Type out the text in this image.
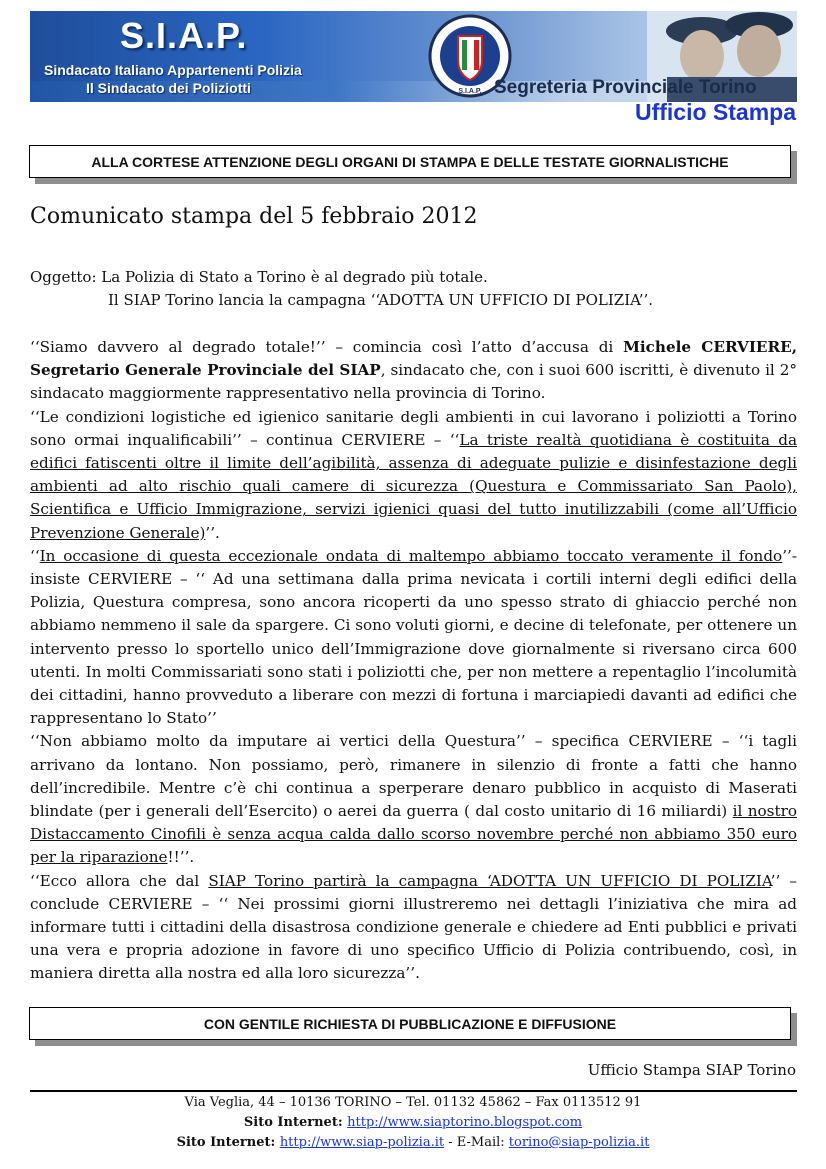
S.I.A.P.
Sindacato Italiano Appartenenti Polizia
Il Sindacato dei Poliziotti	S.I.A.P. Segreteria Provinciale Torino
Ufficio Stampa
ALLA CORTESE ATTENZIONE DEGLI ORGANI DI STAMPA E DELLE TESTATE GIORNALISTICHE
Comunicato stampa del 5 febbraio 2012
Oggetto: La Polizia di Stato a Torino è al degrado più totale.
Il SIAP Torino lancia la campagna ‘‘ADOTTA UN UFFICIO DI POLIZIA’’.

‘‘Siamo davvero al degrado totale!’’ – comincia così l’atto d’accusa di Michele CERVIERE, Segretario Generale Provinciale del SIAP, sindacato che, con i suoi 600 iscritti, è divenuto il 2° sindacato maggiormente rappresentativo nella provincia di Torino.

‘‘Le condizioni logistiche ed igienico sanitarie degli ambienti in cui lavorano i poliziotti a Torino sono ormai inqualificabili’’ – continua CERVIERE – ‘‘La triste realtà quotidiana è costituita da edifici fatiscenti oltre il limite dell’agibilità, assenza di adeguate pulizie e disinfestazione degli ambienti ad alto rischio quali camere di sicurezza (Questura e Commissariato San Paolo), Scientifica e Ufficio Immigrazione, servizi igienici quasi del tutto inutilizzabili (come all’Ufficio Prevenzione Generale)’’.

‘‘In occasione di questa eccezionale ondata di maltempo abbiamo toccato veramente il fondo’’- insiste CERVIERE – ‘‘ Ad una settimana dalla prima nevicata i cortili interni degli edifici della Polizia, Questura compresa, sono ancora ricoperti da uno spesso strato di ghiaccio perché non abbiamo nemmeno il sale da spargere. Ci sono voluti giorni, e decine di telefonate, per ottenere un intervento presso lo sportello unico dell’Immigrazione dove giornalmente si riversano circa 600 utenti. In molti Commissariati sono stati i poliziotti che, per non mettere a repentaglio l’incolumità dei cittadini, hanno provveduto a liberare con mezzi di fortuna i marciapiedi davanti ad edifici che rappresentano lo Stato’’

‘‘Non abbiamo molto da imputare ai vertici della Questura’’ – specifica CERVIERE – ‘‘i tagli arrivano da lontano. Non possiamo, però, rimanere in silenzio di fronte a fatti che hanno dell’incredibile. Mentre c’è chi continua a sperperare denaro pubblico in acquisto di Maserati blindate (per i generali dell’Esercito) o aerei da guerra ( dal costo unitario di 16 miliardi) il nostro Distaccamento Cinofili è senza acqua calda dallo scorso novembre perché non abbiamo 350 euro per la riparazione!!’’.

‘‘Ecco allora che dal SIAP Torino partirà la campagna ‘ADOTTA UN UFFICIO DI POLIZIA’’ – conclude CERVIERE – ‘‘ Nei prossimi giorni illustreremo nei dettagli l’iniziativa che mira ad informare tutti i cittadini della disastrosa condizione generale e chiedere ad Enti pubblici e privati una vera e propria adozione in favore di uno specifico Ufficio di Polizia contribuendo, così, in maniera diretta alla nostra ed alla loro sicurezza’’.

CON GENTILE RICHIESTA DI PUBBLICAZIONE E DIFFUSIONE
Ufficio Stampa SIAP Torino
Via Veglia, 44 – 10136 TORINO – Tel. 01132 45862 – Fax 0113512 91
Sito Internet: http://www.siaptorino.blogspot.com
Sito Internet: http://www.siap-polizia.it - E-Mail: torino@siap-polizia.it
